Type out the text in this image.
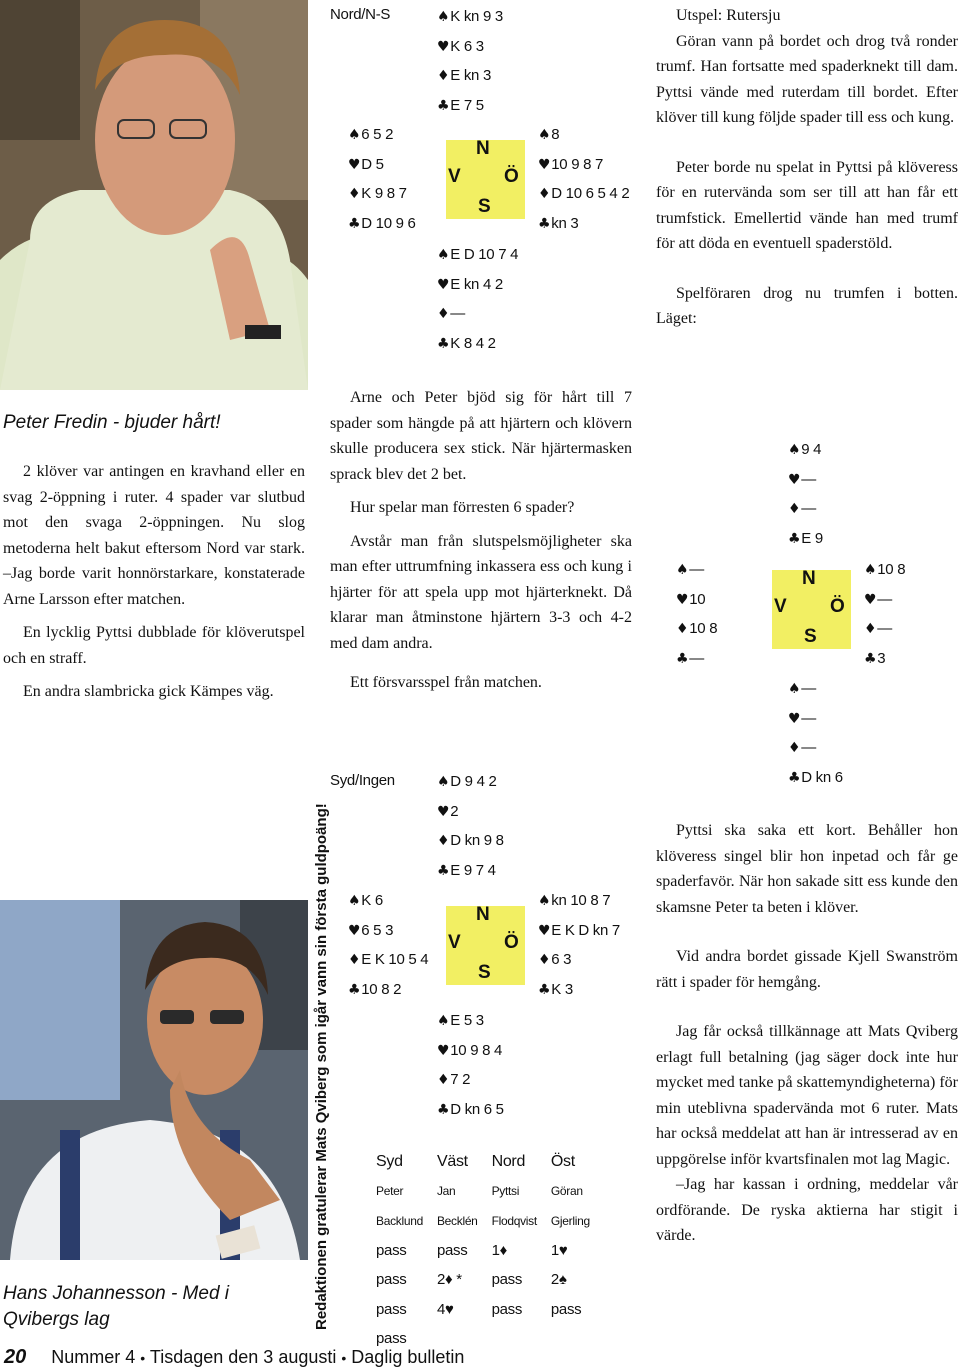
Peter Fredin - bjuder hårt!

2 klöver var antingen en kravhand eller en svag 2-öppning i ruter. 4 spader var slutbud mot den svaga 2-öppningen. Nu slog metoderna helt bakut eftersom Nord var stark. –Jag borde varit honnörstarkare, konstaterade Arne Larsson efter matchen.

En lycklig Pyttsi dubblade för klöverutspel och en straff.

En andra slambricka gick Kämpes väg.

Hans Johannesson - Med i Qvibergs lag	Redaktionen gratulerar Mats Qviberg som igår vann sin första guldpoäng!
Nord/N-S	♠K kn 9 3
♥K 6 3
♦E kn 3
♣E 7 5
♠6 5 2
♥D 5
♦K 9 8 7
♣D 10 9 6
N
V Ö
S
♠8
♥10 9 8 7
♦D 10 6 5 4 2
♣kn 3
♠E D 10 7 4
♥E kn 4 2
♦—
♣K 8 4 2

Arne och Peter bjöd sig för hårt till 7 spader som hängde på att hjärtern och klövern skulle producera sex stick. När hjärtermasken sprack blev det 2 bet.

Hur spelar man förresten 6 spader?

Avstår man från slutspelsmöjligheter ska man efter uttrumfning inkassera ess och kung i hjärter för att spela upp mot hjärterknekt. Då klarar man åtminstone hjärtern 3-3 och 4-2 med dam andra.

Ett försvarsspel från matchen.

Syd/Ingen	♠D 9 4 2
♥2
♦D kn 9 8
♣E 9 7 4
♠K 6
♥6 5 3
♦E K 10 5 4
♣10 8 2
N
V Ö
S
♠kn 10 8 7
♥E K D kn 7
♦6 3
♣K 3
♠E 5 3
♥10 9 8 4
♦7 2
♣D kn 6 5
Syd	Väst	Nord	Öst
Peter	Jan	Pyttsi	Göran
Backlund	Becklén	Flodqvist	Gjerling
pass	pass	1♦	1♥
pass	2♦ *	pass	2♠
pass	4♥	pass	pass
pass			

Utspel: Rutersju

Göran vann på bordet och drog två ronder trumf. Han fortsatte med spaderknekt till dam. Pyttsi vände med ruterdam till bordet. Efter klöver till kung följde spader till ess och kung.

Peter borde nu spelat in Pyttsi på klöveress för en rutervända som ser till att han får ett trumfstick. Emellertid vände han med trumf för att döda en eventuell spaderstöld.

Spelföraren drog nu trumfen i botten. Läget:

♠9 4
♥—
♦—
♣E 9
♠—
♥10
♦10 8
♣—
N
V Ö
S
♠10 8
♥—
♦—
♣3
♠—
♥—
♦—
♣D kn 6

Pyttsi ska saka ett kort. Behåller hon klöveress singel blir hon inpetad och får ge spaderfavör. När hon sakade sitt ess kunde den skamsne Peter ta beten i klöver.

Vid andra bordet gissade Kjell Swanström rätt i spader för hemgång.

Jag får också tillkännage att Mats Qviberg erlagt full betalning (jag säger dock inte hur mycket med tanke på skattemyndigheterna) för min uteblivna spadervända mot 6 ruter. Mats har också meddelat att han är intresserad av en uppgörelse inför kvartsfinalen mot lag Magic.

–Jag har kassan i ordning, meddelar vår ordförande. De ryska aktierna har stigit i värde.

20 Nummer 4 • Tisdagen den 3 augusti • Daglig bulletin
